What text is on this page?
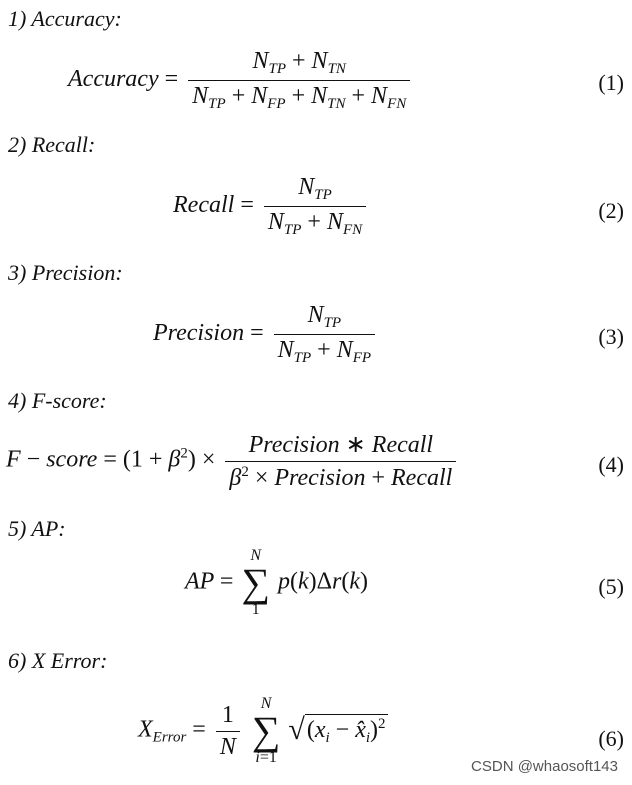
1) Accuracy:
Accuracy = $\frac{N_{TP} + N_{TN}}{N_{TP} + N_{FP} + N_{TN} + N_{FN}}$	(1)
2) Recall:
Recall = $\frac{N_{TP}}{N_{TP} + N_{FN}}$	(2)
3) Precision:
Precision = $\frac{N_{TP}}{N_{TP} + N_{FP}}$	(3)
4) F-score:
F − score = $(1 + \beta^2) \times \frac{\text{Precision ∗ Recall}}{\beta^2 \times Precision + Recall}$	(4)
5) AP:
AP =
N
∑
1
p(k)Δr(k)	(5)
6) X Error:
$X_{Error} = \frac{1}{N}$
N
∑
i=1
$√(x_i$ − $x̂_i)^2$
(6)
CSDN @whaosoft143
